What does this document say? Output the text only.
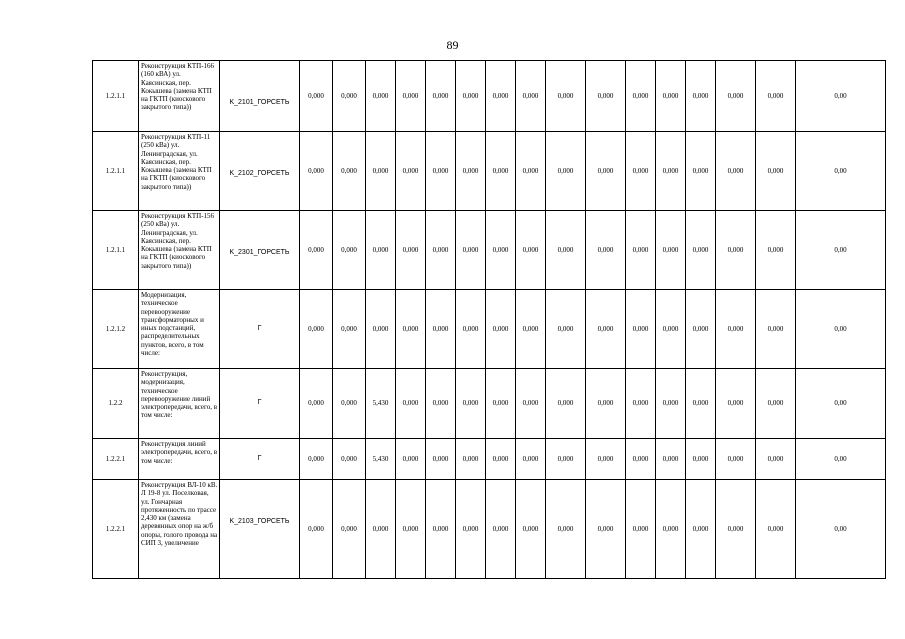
89
1.2.1.1	Реконструкция КТП-166 (160 кВА) ул. Каясинская, пер. Кокышева (замена КТП на ГКТП (киоскового закрытого типа))	K_2101_ГОРСЕТЬ	0,000	0,000	0,000	0,000	0,000	0,000	0,000	0,000	0,000	0,000	0,000	0,000	0,000	0,000	0,000	0,00
1.2.1.1	Реконструкция КТП-11 (250 кВа) ул. Ленинградская, ул. Каясинская, пер. Кокышева (замена КТП на ГКТП (киоскового закрытого типа))	K_2102_ГОРСЕТЬ	0,000	0,000	0,000	0,000	0,000	0,000	0,000	0,000	0,000	0,000	0,000	0,000	0,000	0,000	0,000	0,00
1.2.1.1	Реконструкция КТП-156 (250 кВа) ул. Ленинградская, ул. Каясинская, пер. Кокышева (замена КТП на ГКТП (киоскового закрытого типа))	K_2301_ГОРСЕТЬ	0,000	0,000	0,000	0,000	0,000	0,000	0,000	0,000	0,000	0,000	0,000	0,000	0,000	0,000	0,000	0,00
1.2.1.2	Модернизация, техническое перевооружение трансформаторных и иных подстанций, распределительных пунктов, всего, в том числе:	Г	0,000	0,000	0,000	0,000	0,000	0,000	0,000	0,000	0,000	0,000	0,000	0,000	0,000	0,000	0,000	0,00
1.2.2	Реконструкция, модернизация, техническое перевооружение линий электропередачи, всего, в том числе:	Г	0,000	0,000	5,430	0,000	0,000	0,000	0,000	0,000	0,000	0,000	0,000	0,000	0,000	0,000	0,000	0,00
1.2.2.1	Реконструкция линий электропередачи, всего, в том числе:	Г	0,000	0,000	5,430	0,000	0,000	0,000	0,000	0,000	0,000	0,000	0,000	0,000	0,000	0,000	0,000	0,00
1.2.2.1	Реконструкция ВЛ-10 кВ. Л 19-8 ул. Поселковая, ул. Гончарная протяженность по трассе 2,430 км (замена деревянных опор на ж/б опоры, голого провода на СИП 3, увеличение	K_2103_ГОРСЕТЬ	0,000	0,000	0,000	0,000	0,000	0,000	0,000	0,000	0,000	0,000	0,000	0,000	0,000	0,000	0,000	0,00
